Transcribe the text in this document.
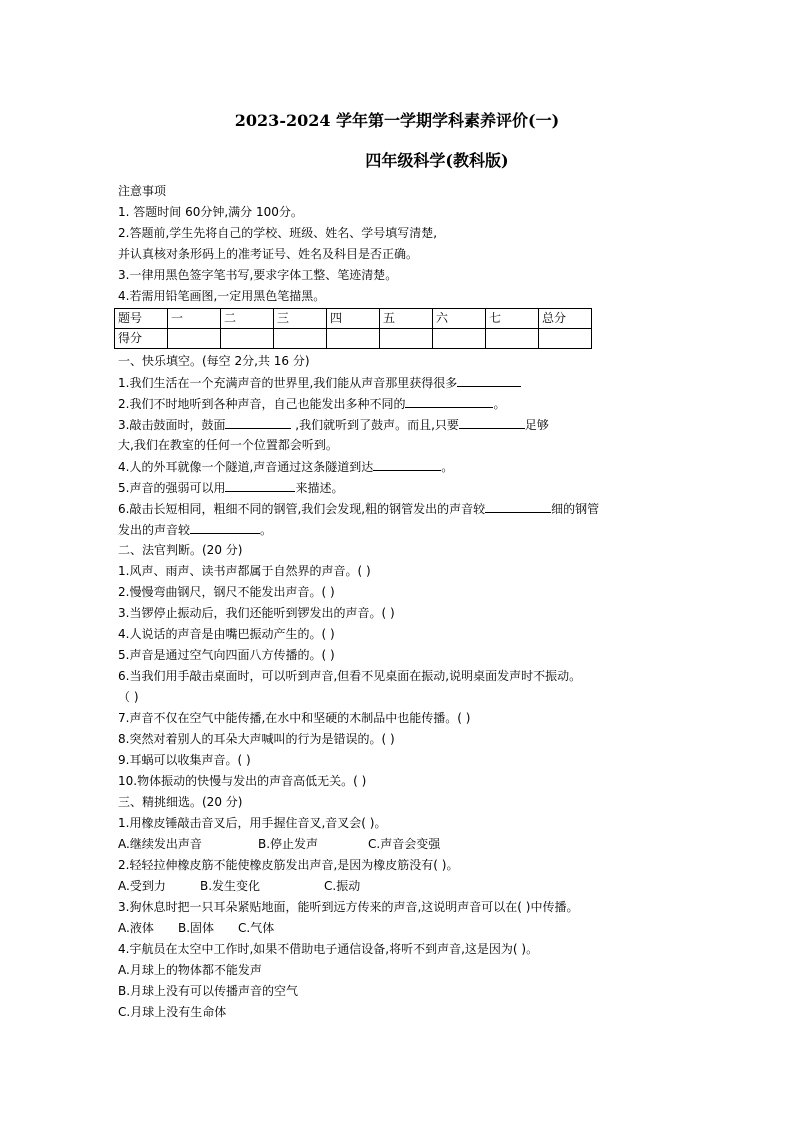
2023-2024 学年第一学期学科素养评价(一)
四年级科学(教科版)
注意事项
1. 答题时间 60分钟,满分 100分。
2.答题前,学生先将自己的学校、班级、姓名、学号填写清楚,
并认真核对条形码上的准考证号、姓名及科目是否正确。
3.一律用黑色签字笔书写,要求字体工整、笔迹清楚。
4.若需用铅笔画图,一定用黑色笔描黑。
题号	一	二	三	四	五	六	七	总分
得分								
一、快乐填空。(每空 2分,共 16 分)
1.我们生活在一个充满声音的世界里,我们能从声音那里获得很多
2.我们不时地听到各种声音，自己也能发出多种不同的	。
3.敲击鼓面时，鼓面	,我们就听到了鼓声。而且,只要	足够
大,我们在教室的任何一个位置都会听到。
4.人的外耳就像一个隧道,声音通过这条隧道到达	。
5.声音的强弱可以用	来描述。
6.敲击长短相同，粗细不同的钢管,我们会发现,粗的钢管发出的声音较	细的钢管
发出的声音较	。
二、法官判断。(20 分)
1.风声、雨声、读书声都属于自然界的声音。( )
2.慢慢弯曲钢尺，钢尺不能发出声音。( )
3.当锣停止振动后，我们还能听到锣发出的声音。( )
4.人说话的声音是由嘴巴振动产生的。( )
5.声音是通过空气向四面八方传播的。( )
6.当我们用手敲击桌面时，可以听到声音,但看不见桌面在振动,说明桌面发声时不振动。
（ )
7.声音不仅在空气中能传播,在水中和坚硬的木制品中也能传播。( )
8.突然对着别人的耳朵大声喊叫的行为是错误的。( )
9.耳蜗可以收集声音。( )
10.物体振动的快慢与发出的声音高低无关。( )
三、精挑细选。(20 分)
1.用橡皮锤敲击音叉后，用手握住音叉,音叉会( )。
A.继续发出声音	B.停止发声	C.声音会变强
2.轻轻拉伸橡皮筋不能使橡皮筋发出声音,是因为橡皮筋没有( )。
A.受到力	B.发生变化	C.振动
3.狗休息时把一只耳朵紧贴地面，能听到远方传来的声音,这说明声音可以在( )中传播。
A.液体 B.固体 C.气体
4.宇航员在太空中工作时,如果不借助电子通信设备,将听不到声音,这是因为( )。
A.月球上的物体都不能发声
B.月球上没有可以传播声音的空气
C.月球上没有生命体
